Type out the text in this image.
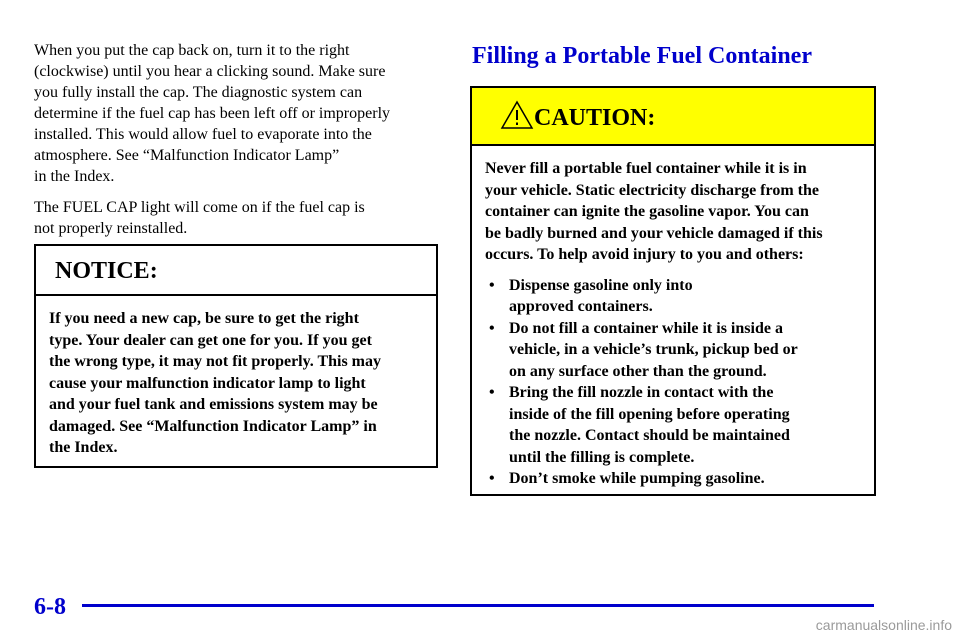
When you put the cap back on, turn it to the right
(clockwise) until you hear a clicking sound. Make sure
you fully install the cap. The diagnostic system can
determine if the fuel cap has been left off or improperly
installed. This would allow fuel to evaporate into the
atmosphere. See “Malfunction Indicator Lamp”
in the Index.

The FUEL CAP light will come on if the fuel cap is
not properly reinstalled.

NOTICE:
If you need a new cap, be sure to get the right
type. Your dealer can get one for you. If you get
the wrong type, it may not fit properly. This may
cause your malfunction indicator lamp to light
and your fuel tank and emissions system may be
damaged. See “Malfunction Indicator Lamp” in
the Index.
Filling a Portable Fuel Container
CAUTION:
Never fill a portable fuel container while it is in
your vehicle. Static electricity discharge from the
container can ignite the gasoline vapor. You can
be badly burned and your vehicle damaged if this
occurs. To help avoid injury to you and others:
• Dispense gasoline only into
approved containers.
• Do not fill a container while it is inside a
vehicle, in a vehicle’s trunk, pickup bed or
on any surface other than the ground.
• Bring the fill nozzle in contact with the
inside of the fill opening before operating
the nozzle. Contact should be maintained
until the filling is complete.
• Don’t smoke while pumping gasoline.
6-8
carmanualsonline.info
